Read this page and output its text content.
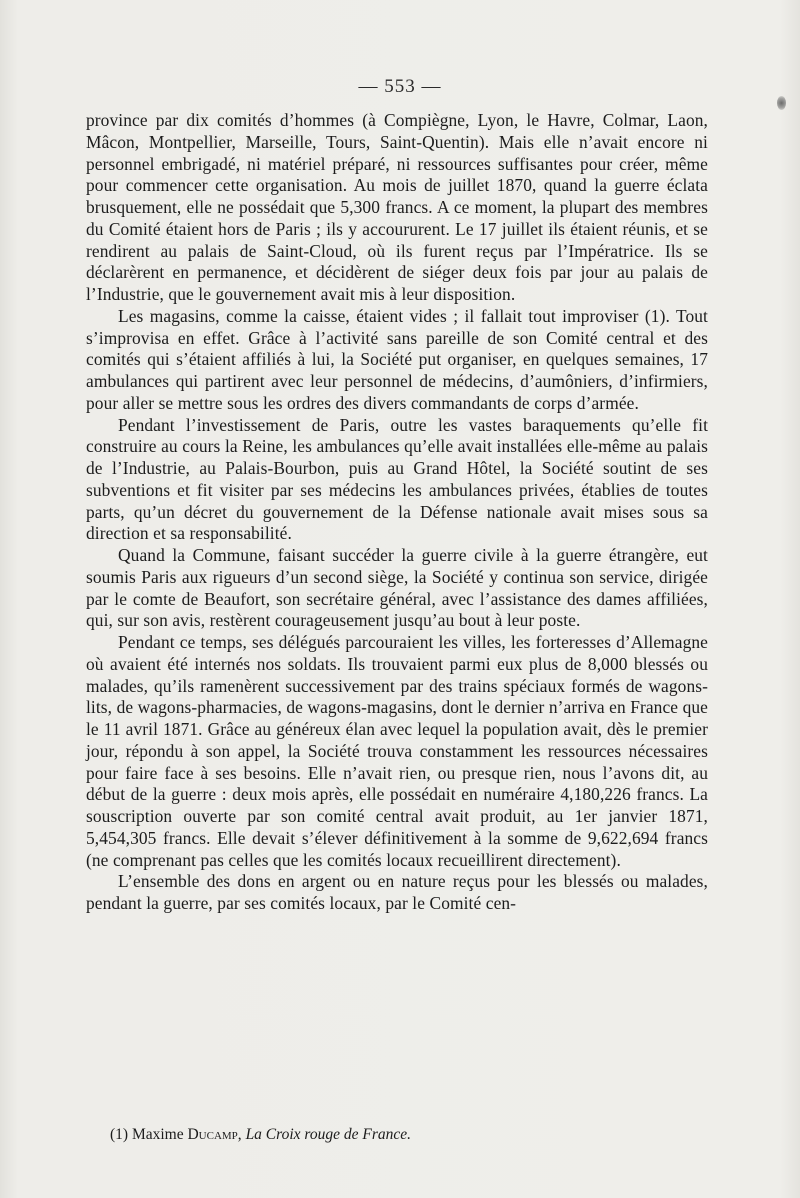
— 553 —

province par dix comités d’hommes (à Compiègne, Lyon, le Havre, Colmar, Laon, Mâcon, Montpellier, Marseille, Tours, Saint-Quentin). Mais elle n’avait encore ni personnel embrigadé, ni matériel préparé, ni ressources suffisantes pour créer, même pour commencer cette organisation. Au mois de juillet 1870, quand la guerre éclata brusquement, elle ne possédait que 5,300 francs. A ce moment, la plupart des membres du Comité étaient hors de Paris ; ils y accoururent. Le 17 juillet ils étaient réunis, et se rendirent au palais de Saint-Cloud, où ils furent reçus par l’Impératrice. Ils se déclarèrent en permanence, et décidèrent de siéger deux fois par jour au palais de l’Industrie, que le gouvernement avait mis à leur disposition.

Les magasins, comme la caisse, étaient vides ; il fallait tout improviser (1). Tout s’improvisa en effet. Grâce à l’activité sans pareille de son Comité central et des comités qui s’étaient affiliés à lui, la Société put organiser, en quelques semaines, 17 ambulances qui partirent avec leur personnel de médecins, d’aumôniers, d’infirmiers, pour aller se mettre sous les ordres des divers commandants de corps d’armée.

Pendant l’investissement de Paris, outre les vastes baraquements qu’elle fit construire au cours la Reine, les ambulances qu’elle avait installées elle-même au palais de l’Industrie, au Palais-Bourbon, puis au Grand Hôtel, la Société soutint de ses subventions et fit visiter par ses médecins les ambulances privées, établies de toutes parts, qu’un décret du gouvernement de la Défense nationale avait mises sous sa direction et sa responsabilité.

Quand la Commune, faisant succéder la guerre civile à la guerre étrangère, eut soumis Paris aux rigueurs d’un second siège, la Société y continua son service, dirigée par le comte de Beaufort, son secrétaire général, avec l’assistance des dames affiliées, qui, sur son avis, restèrent courageusement jusqu’au bout à leur poste.

Pendant ce temps, ses délégués parcouraient les villes, les forteresses d’Allemagne où avaient été internés nos soldats. Ils trouvaient parmi eux plus de 8,000 blessés ou malades, qu’ils ramenèrent successivement par des trains spéciaux formés de wagons-lits, de wagons-pharmacies, de wagons-magasins, dont le dernier n’arriva en France que le 11 avril 1871. Grâce au généreux élan avec lequel la population avait, dès le premier jour, répondu à son appel, la Société trouva constamment les ressources nécessaires pour faire face à ses besoins. Elle n’avait rien, ou presque rien, nous l’avons dit, au début de la guerre : deux mois après, elle possédait en numéraire 4,180,226 francs. La souscription ouverte par son comité central avait produit, au 1er janvier 1871, 5,454,305 francs. Elle devait s’élever définitivement à la somme de 9,622,694 francs (ne comprenant pas celles que les comités locaux recueillirent directement).

L’ensemble des dons en argent ou en nature reçus pour les blessés ou malades, pendant la guerre, par ses comités locaux, par le Comité cen-

(1) Maxime Ducamp, La Croix rouge de France.
